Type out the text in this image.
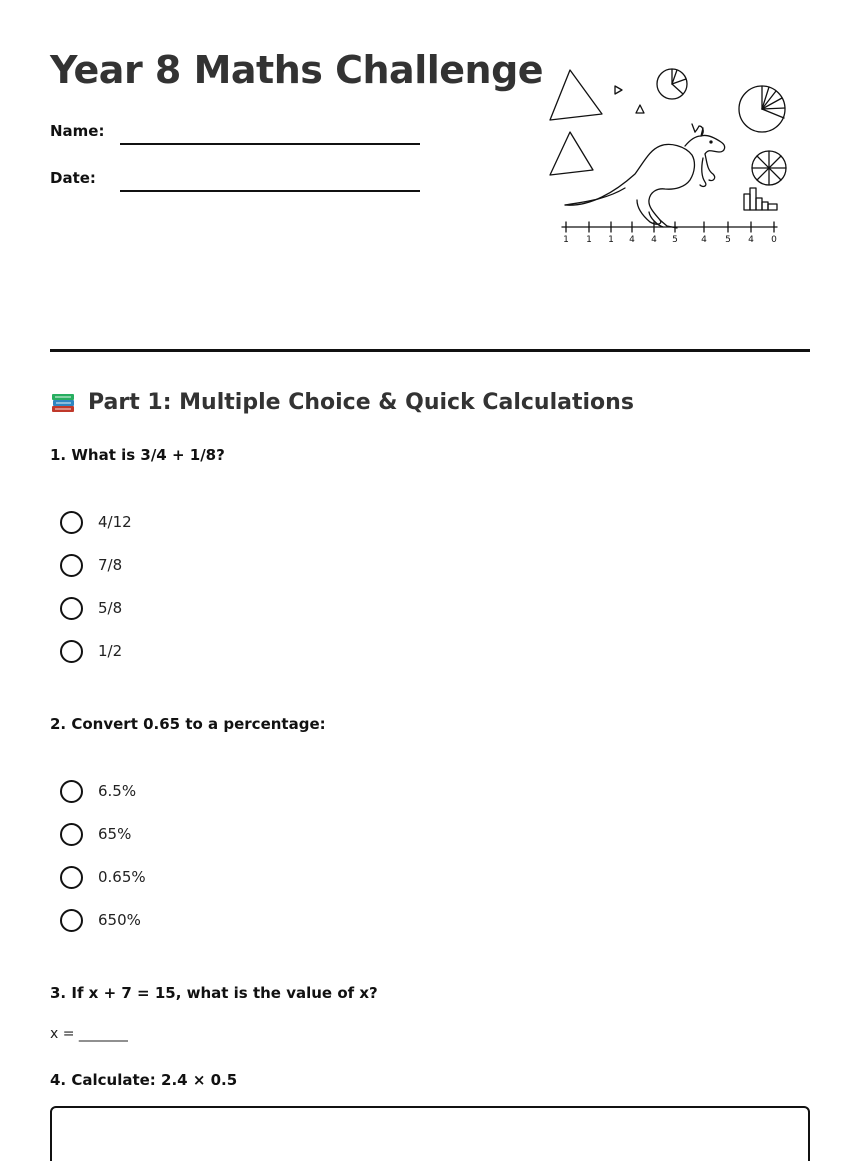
Year 8 Maths Challenge
Name:
Date:
1 1 1 4 4 5	4 5 4 0
Part 1: Multiple Choice & Quick Calculations
1. What is 3/4 + 1/8?
4/12
7/8
5/8
1/2
2. Convert 0.65 to a percentage:
6.5%
65%
0.65%
650%
3. If x + 7 = 15, what is the value of x?
x = _______
4. Calculate: 2.4 × 0.5
